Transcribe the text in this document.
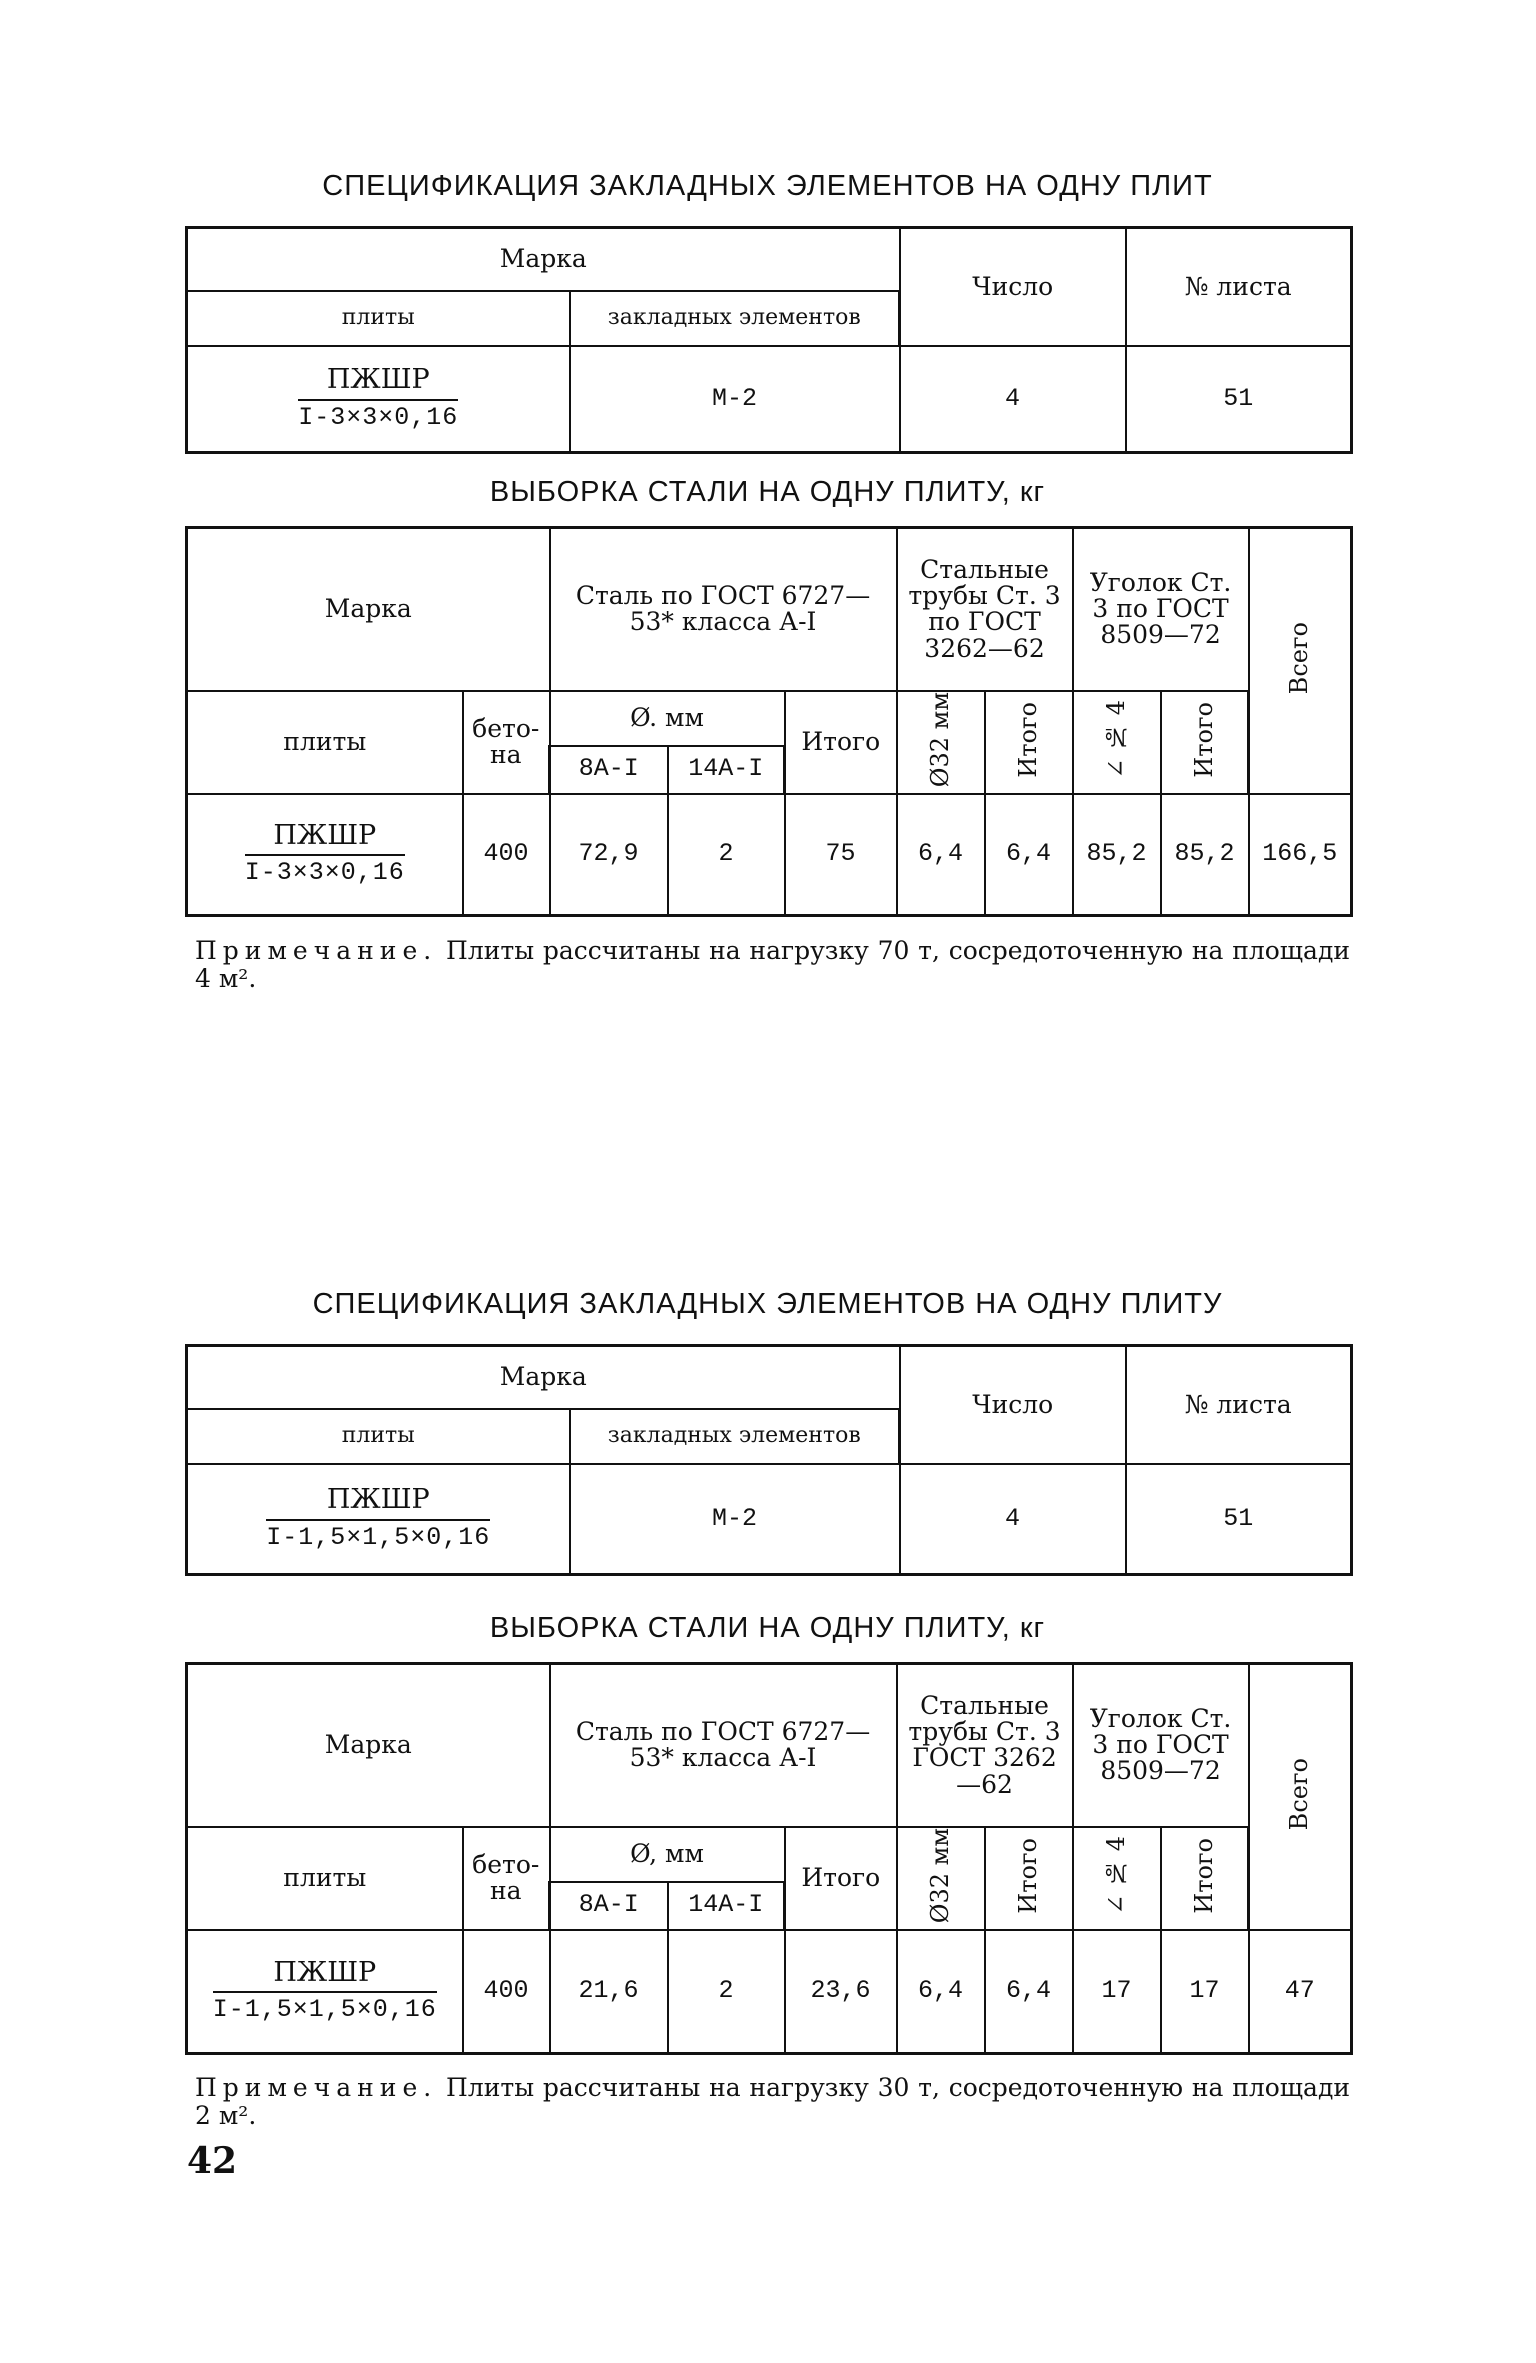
СПЕЦИФИКАЦИЯ ЗАКЛАДНЫХ ЭЛЕМЕНТОВ НА ОДНУ ПЛИТ
Марка		Число	№ листа
плиты	закладных элементов		

$\frac{\text{ПЖШР}}{I-3\times 3\times 0,16}$	М-2	4	51
ВЫБОРКА СТАЛИ НА ОДНУ ПЛИТУ, кг
Марка		Сталь по ГОСТ 6727—53* класса А-I			Стальные трубы Ст. 3 по ГОСТ 3262—62		Уголок Ст. 3 по ГОСТ 8509—72		Всего
плиты	бето-на	Ø. мм		Итого	Ø32 мм	Итого	∠ № 4	Итого	
		8А-I	14А-I						

$\frac{\text{ПЖШР}}{I-3\times 3\times 0,16}$	400	72,9	2	75	6,4	6,4	85,2	85,2	166,5
Примечание. Плиты рассчитаны на нагрузку 70 т, сосредоточенную на площади 4 м².
СПЕЦИФИКАЦИЯ ЗАКЛАДНЫХ ЭЛЕМЕНТОВ НА ОДНУ ПЛИТУ
Марка		Число	№ листа
плиты	закладных элементов		

$\frac{\text{ПЖШР}}{I-1,5\times 1,5\times 0,16}$	М-2	4	51
ВЫБОРКА СТАЛИ НА ОДНУ ПЛИТУ, кг
Марка		Сталь по ГОСТ 6727—53* класса А-I			Стальные трубы Ст. 3 ГОСТ 3262—62		Уголок Ст. 3 по ГОСТ 8509—72		Всего
плиты	бето-на	Ø, мм		Итого	Ø32 мм	Итого	∠ № 4	Итого	
		8А-I	14А-I						

$\frac{\text{ПЖШР}}{I-1,5\times 1,5\times 0,16}$	400	21,6	2	23,6	6,4	6,4	17	17	47
Примечание. Плиты рассчитаны на нагрузку 30 т, сосредоточенную на площади 2 м².
42
